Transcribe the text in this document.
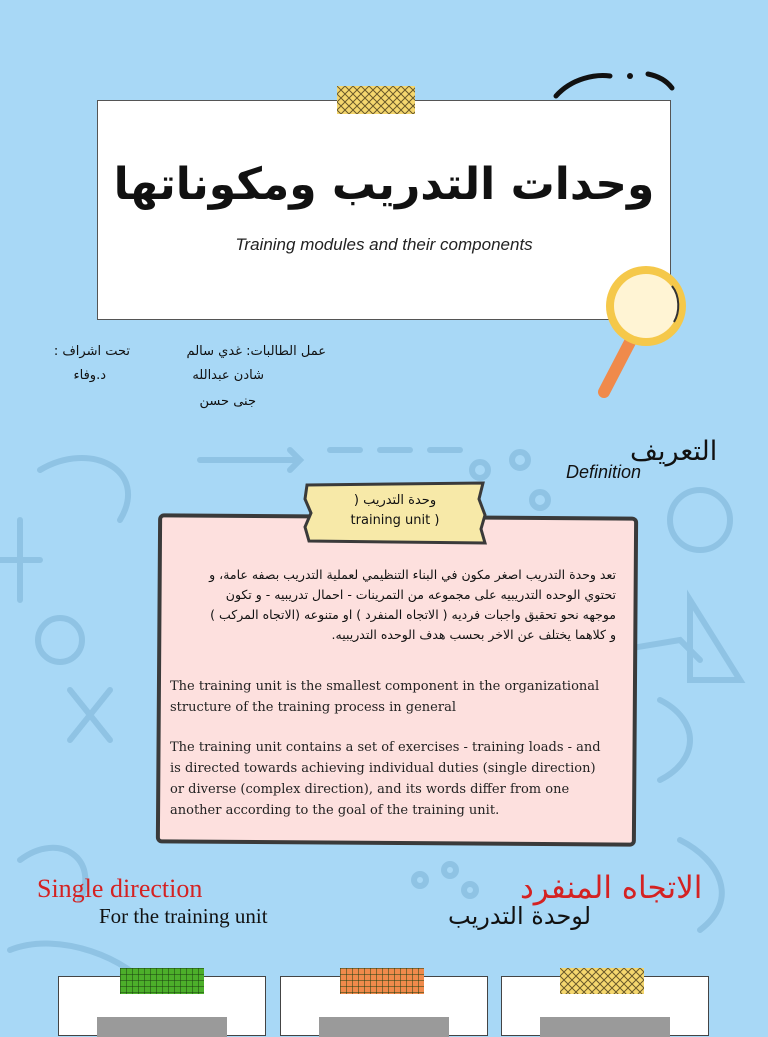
وحدات التدريب ومكوناتها
Training modules and their components
عمل الطالبات: غدي سالم
شادن عبدالله
جنى حسن
تحت اشراف :
د.وفاء
التعريف
Definition
وحدة التدريب (
training unit )
تعد وحدة التدريب اصغر مكون في البناء التنظيمي لعملية التدريب بصفه عامة، و
تحتوي الوحده التدريبيه على مجموعه من التمرينات - احمال تدريبيه - و تكون
موجهه نحو تحقيق واجبات فرديه ( الاتجاه المنفرد ) او متنوعه (الاتجاه المركب )
و كلاهما يختلف عن الاخر بحسب هدف الوحده التدريبيه.
The training unit is the smallest component in the organizational structure of the training process in general
The training unit contains a set of exercises - training loads - and is directed towards achieving individual duties (single direction) or diverse (complex direction), and its words differ from one another according to the goal of the training unit.
Single direction
For the training unit
الاتجاه المنفرد
لوحدة التدريب
